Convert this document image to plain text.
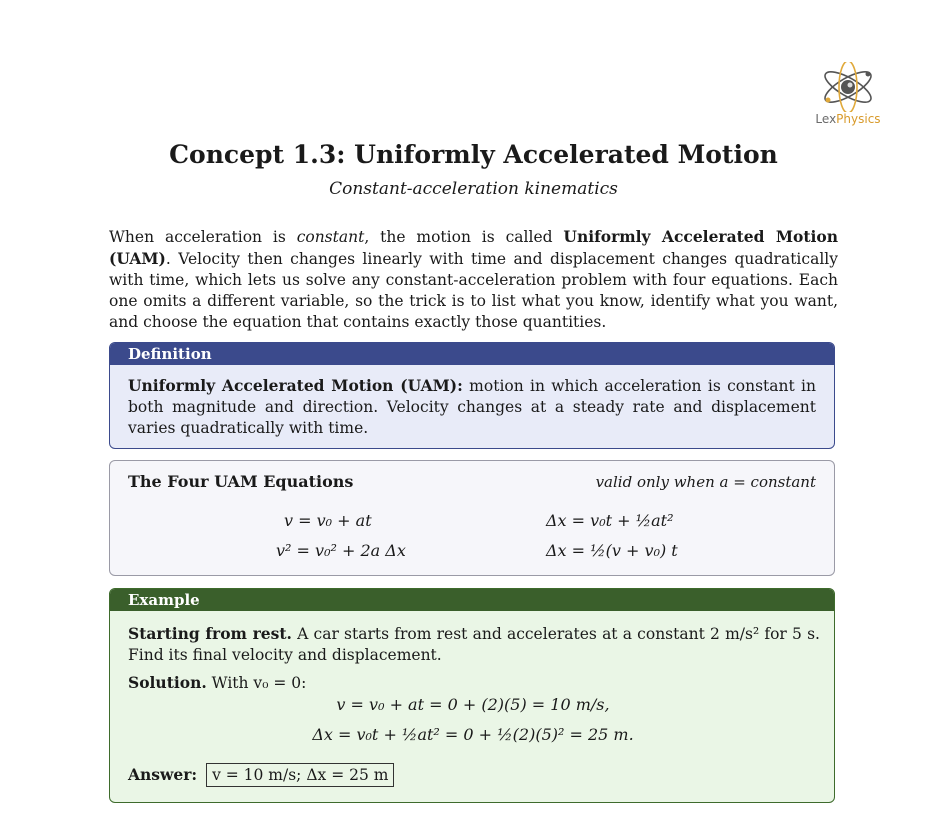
LexPhysics
Concept 1.3: Uniformly Accelerated Motion
Constant-acceleration kinematics

When acceleration is constant, the motion is called Uniformly Accelerated Motion (UAM). Velocity then changes linearly with time and displacement changes quadratically with time, which lets us solve any constant-acceleration problem with four equations. Each one omits a different variable, so the trick is to list what you know, identify what you want, and choose the equation that contains exactly those quantities.

Definition
Uniformly Accelerated Motion (UAM): motion in which acceleration is constant in both magnitude and direction. Velocity changes at a steady rate and displacement varies quadratically with time.
The Four UAM Equations	valid only when a = constant
v = v₀ + at	Δx = v₀t + ½at²
v² = v₀² + 2a Δx	Δx = ½(v + v₀) t
Example

Starting from rest. A car starts from rest and accelerates at a constant 2 m/s² for 5 s. Find its final velocity and displacement.

Solution. With v₀ = 0:
v = v₀ + at = 0 + (2)(5) = 10 m/s,
Δx = v₀t + ½at² = 0 + ½(2)(5)² = 25 m.
Answer: v = 10 m/s; Δx = 25 m
